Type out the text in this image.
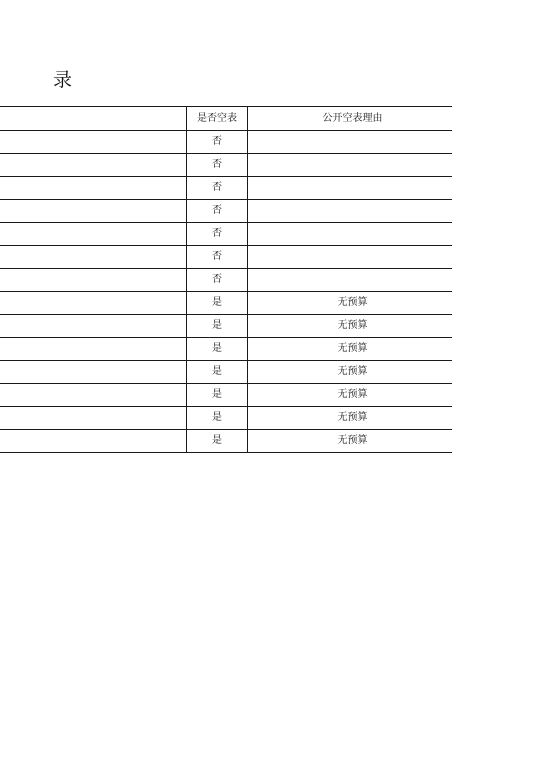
录
	是否空表	公开空表理由
	否	
	否	
	否	
	否	
	否	
	否	
	否	
	是	无预算
	是	无预算
	是	无预算
	是	无预算
	是	无预算
	是	无预算
	是	无预算
